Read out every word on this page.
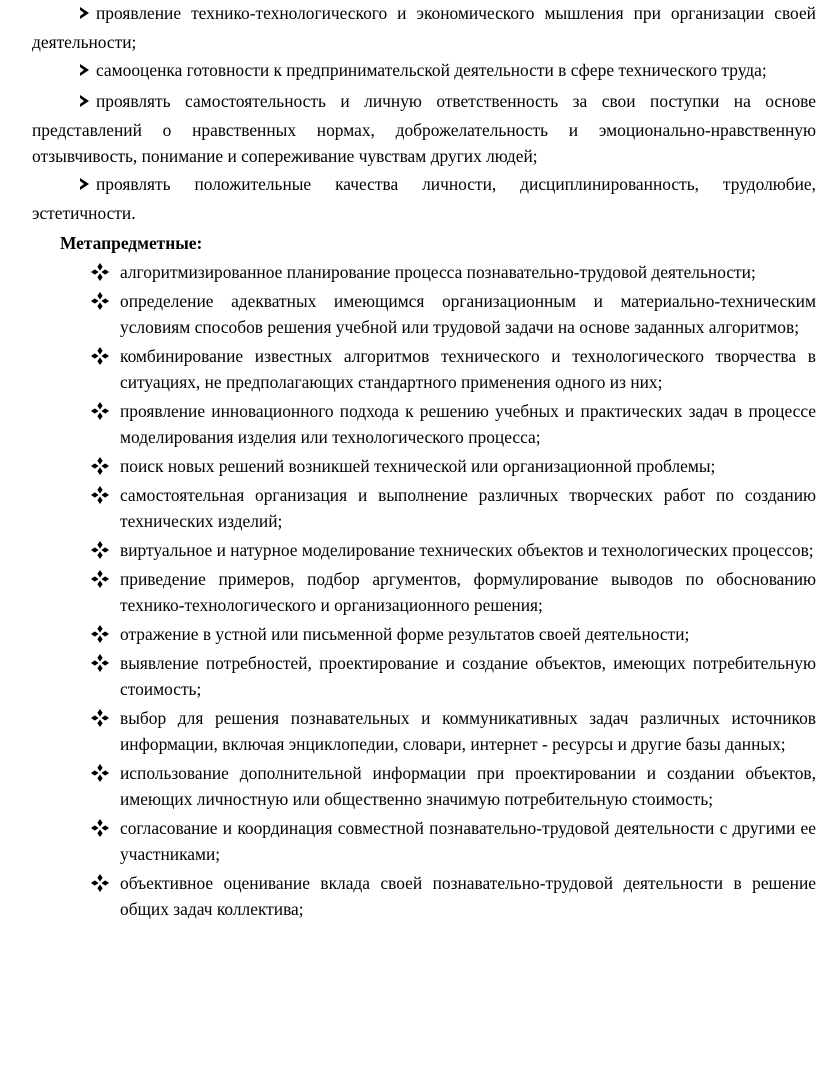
проявление технико-технологического и экономического мышления при организации своей деятельности;

самооценка готовности к предпринимательской деятельности в сфере технического труда;

проявлять самостоятельность и личную ответственность за свои поступки на основе представлений о нравственных нормах, доброжелательность и эмоционально-нравственную отзывчивость, понимание и сопереживание чувствам других людей;

проявлять положительные качества личности, дисциплинированность, трудолюбие, эстетичности.

Метапредметные:
алгоритмизированное планирование процесса познавательно-трудовой деятельности;
определение адекватных имеющимся организационным и материально-техническим условиям способов решения учебной или трудовой задачи на основе заданных алгоритмов;
комбинирование известных алгоритмов технического и технологического творчества в ситуациях, не предполагающих стандартного применения одного из них;
проявление инновационного подхода к решению учебных и практических задач в процессе моделирования изделия или технологического процесса;
поиск новых решений возникшей технической или организационной проблемы;
самостоятельная организация и выполнение различных творческих работ по созданию технических изделий;
виртуальное и натурное моделирование технических объектов и технологических процессов;
приведение примеров, подбор аргументов, формулирование выводов по обоснованию технико-технологического и организационного решения;
отражение в устной или письменной форме результатов своей деятельности;
выявление потребностей, проектирование и создание объектов, имеющих потребительную стоимость;
выбор для решения познавательных и коммуникативных задач различных источников информации, включая энциклопедии, словари, интернет - ресурсы и другие базы данных;
использование дополнительной информации при проектировании и создании объектов, имеющих личностную или общественно значимую потребительную стоимость;
согласование и координация совместной познавательно-трудовой деятельности с другими ее участниками;
объективное оценивание вклада своей познавательно-трудовой деятельности в решение общих задач коллектива;
